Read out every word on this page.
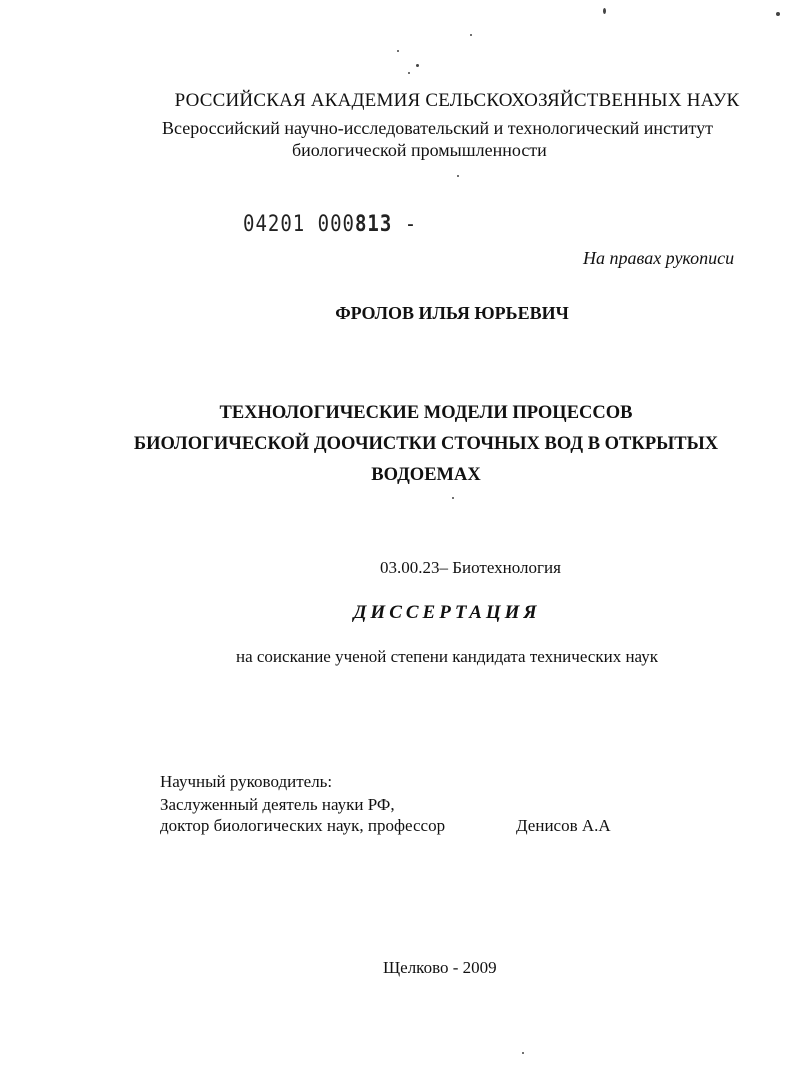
РОССИЙСКАЯ АКАДЕМИЯ СЕЛЬСКОХОЗЯЙСТВЕННЫХ НАУК
Всероссийский научно-исследовательский и технологический институт
биологической промышленности
04201 000813 -
На правах рукописи
ФРОЛОВ ИЛЬЯ ЮРЬЕВИЧ
ТЕХНОЛОГИЧЕСКИЕ МОДЕЛИ ПРОЦЕССОВ
БИОЛОГИЧЕСКОЙ ДООЧИСТКИ СТОЧНЫХ ВОД В ОТКРЫТЫХ
ВОДОЕМАХ
03.00.23– Биотехнология
ДИССЕРТАЦИЯ
на соискание ученой степени кандидата технических наук
Научный руководитель:
Заслуженный деятель науки РФ,
доктор биологических наук, профессор	Денисов А.А
Щелково - 2009
